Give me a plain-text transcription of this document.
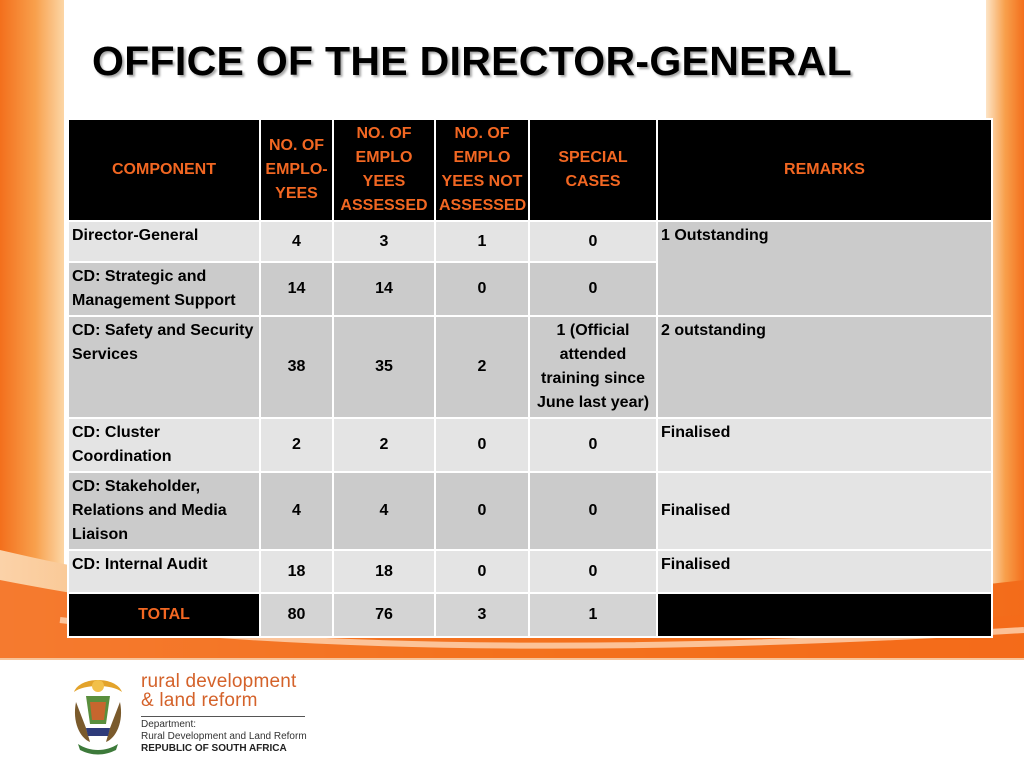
OFFICE OF THE DIRECTOR-GENERAL
COMPONENT	NO. OF EMPLO-YEES	NO. OF EMPLO YEES ASSESSED	NO. OF EMPLO YEES NOT ASSESSED	SPECIAL CASES	REMARKS
Director-General	4	3	1	0	1 Outstanding
CD: Strategic and Management Support	14	14	0	0	
CD: Safety and Security Services	38	35	2	1 (Official attended training since June last year)	2 outstanding
CD: Cluster Coordination	2	2	0	0	Finalised
CD: Stakeholder, Relations and Media Liaison	4	4	0	0	Finalised
CD: Internal Audit	18	18	0	0	Finalised
TOTAL	80	76	3	1	

rural development

& land reform

Department:

Rural Development and Land Reform

REPUBLIC OF SOUTH AFRICA
